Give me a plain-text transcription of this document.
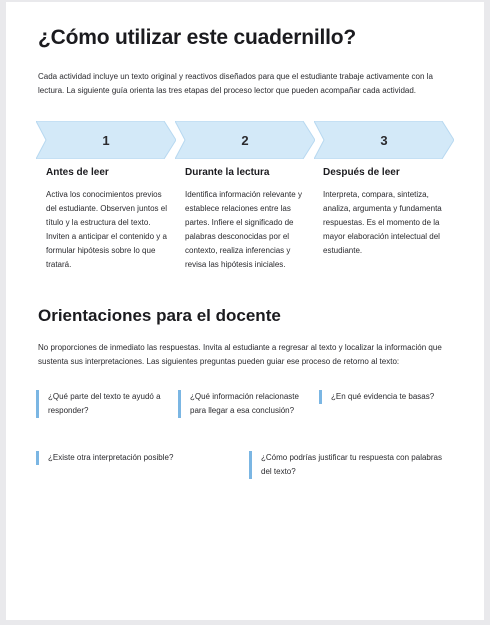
¿Cómo utilizar este cuadernillo?
Cada actividad incluye un texto original y reactivos diseñados para que el estudiante trabaje activamente con la lectura. La siguiente guía orienta las tres etapas del proceso lector que pueden acompañar cada actividad.
1	2	3
Antes de leer

Activa los conocimientos previos del estudiante. Observen juntos el título y la estructura del texto. Inviten a anticipar el contenido y a formular hipótesis sobre lo que tratará.

Durante la lectura

Identifica información relevante y establece relaciones entre las partes. Infiere el significado de palabras desconocidas por el contexto, realiza inferencias y revisa las hipótesis iniciales.

Después de leer

Interpreta, compara, sintetiza, analiza, argumenta y fundamenta respuestas. Es el momento de la mayor elaboración intelectual del estudiante.

Orientaciones para el docente
No proporciones de inmediato las respuestas. Invita al estudiante a regresar al texto y localizar la información que sustenta sus interpretaciones. Las siguientes preguntas pueden guiar ese proceso de retorno al texto:
¿Qué parte del texto te ayudó a responder?
¿Qué información relacionaste para llegar a esa conclusión?
¿En qué evidencia te basas?
¿Existe otra interpretación posible?	¿Cómo podrías justificar tu respuesta con palabras del texto?
